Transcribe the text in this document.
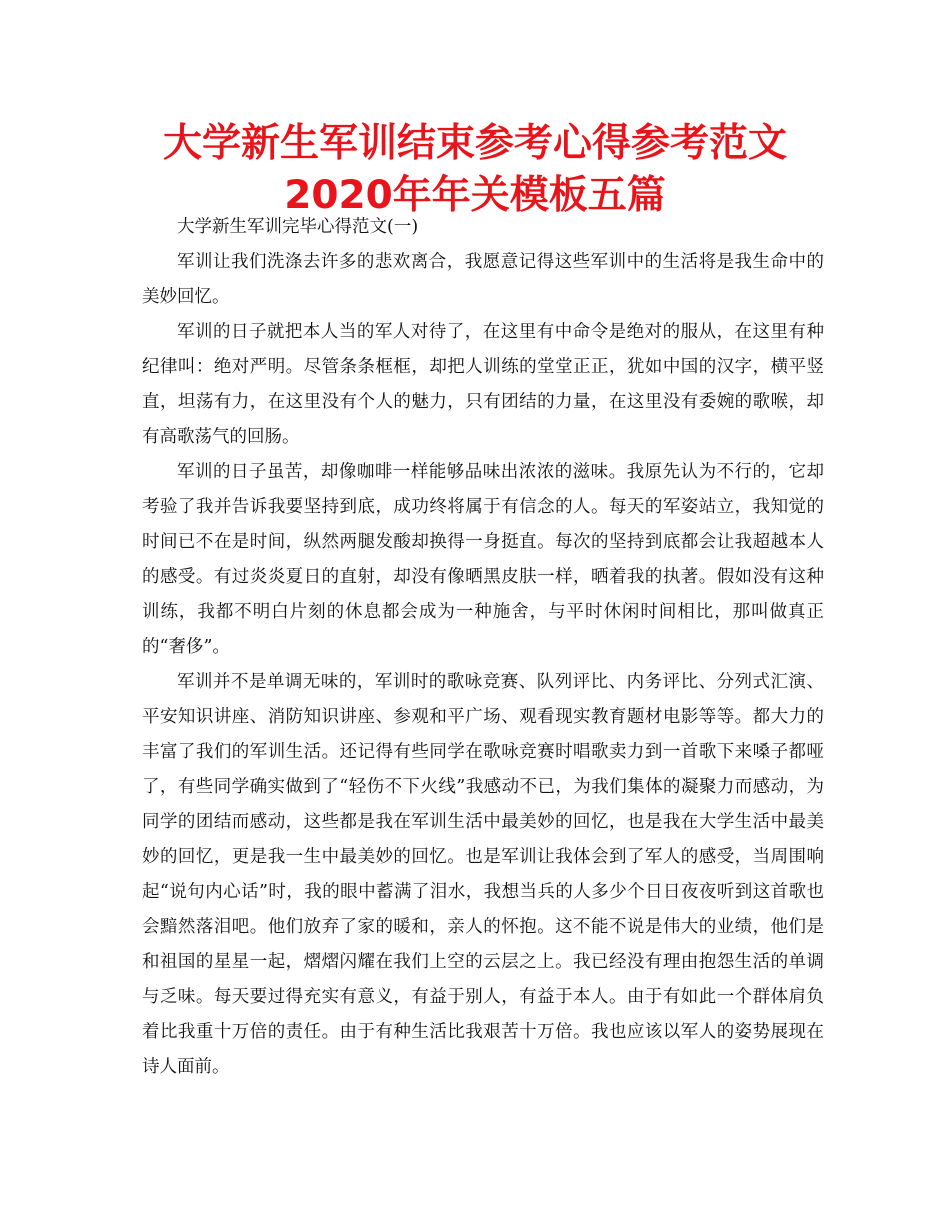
大学新生军训结束参考心得参考范文2020年年关模板五篇

大学新生军训完毕心得范文(一)

军训让我们洗涤去许多的悲欢离合，我愿意记得这些军训中的生活将是我生命中的美妙回忆。

军训的日子就把本人当的军人对待了，在这里有中命令是绝对的服从，在这里有种纪律叫：绝对严明。尽管条条框框，却把人训练的堂堂正正，犹如中国的汉字，横平竖直，坦荡有力，在这里没有个人的魅力，只有团结的力量，在这里没有委婉的歌喉，却有高歌荡气的回肠。

军训的日子虽苦，却像咖啡一样能够品味出浓浓的滋味。我原先认为不行的，它却考验了我并告诉我要坚持到底，成功终将属于有信念的人。每天的军姿站立，我知觉的时间已不在是时间，纵然两腿发酸却换得一身挺直。每次的坚持到底都会让我超越本人的感受。有过炎炎夏日的直射，却没有像晒黑皮肤一样，晒着我的执著。假如没有这种训练，我都不明白片刻的休息都会成为一种施舍，与平时休闲时间相比，那叫做真正的“奢侈”。

军训并不是单调无味的，军训时的歌咏竞赛、队列评比、内务评比、分列式汇演、平安知识讲座、消防知识讲座、参观和平广场、观看现实教育题材电影等等。都大力的丰富了我们的军训生活。还记得有些同学在歌咏竞赛时唱歌卖力到一首歌下来嗓子都哑了，有些同学确实做到了“轻伤不下火线”我感动不已，为我们集体的凝聚力而感动，为同学的团结而感动，这些都是我在军训生活中最美妙的回忆，也是我在大学生活中最美妙的回忆，更是我一生中最美妙的回忆。也是军训让我体会到了军人的感受，当周围响起“说句内心话”时，我的眼中蓄满了泪水，我想当兵的人多少个日日夜夜听到这首歌也会黯然落泪吧。他们放弃了家的暖和，亲人的怀抱。这不能不说是伟大的业绩，他们是和祖国的星星一起，熠熠闪耀在我们上空的云层之上。我已经没有理由抱怨生活的单调与乏味。每天要过得充实有意义，有益于别人，有益于本人。由于有如此一个群体肩负着比我重十万倍的责任。由于有种生活比我艰苦十万倍。我也应该以军人的姿势展现在诗人面前。
